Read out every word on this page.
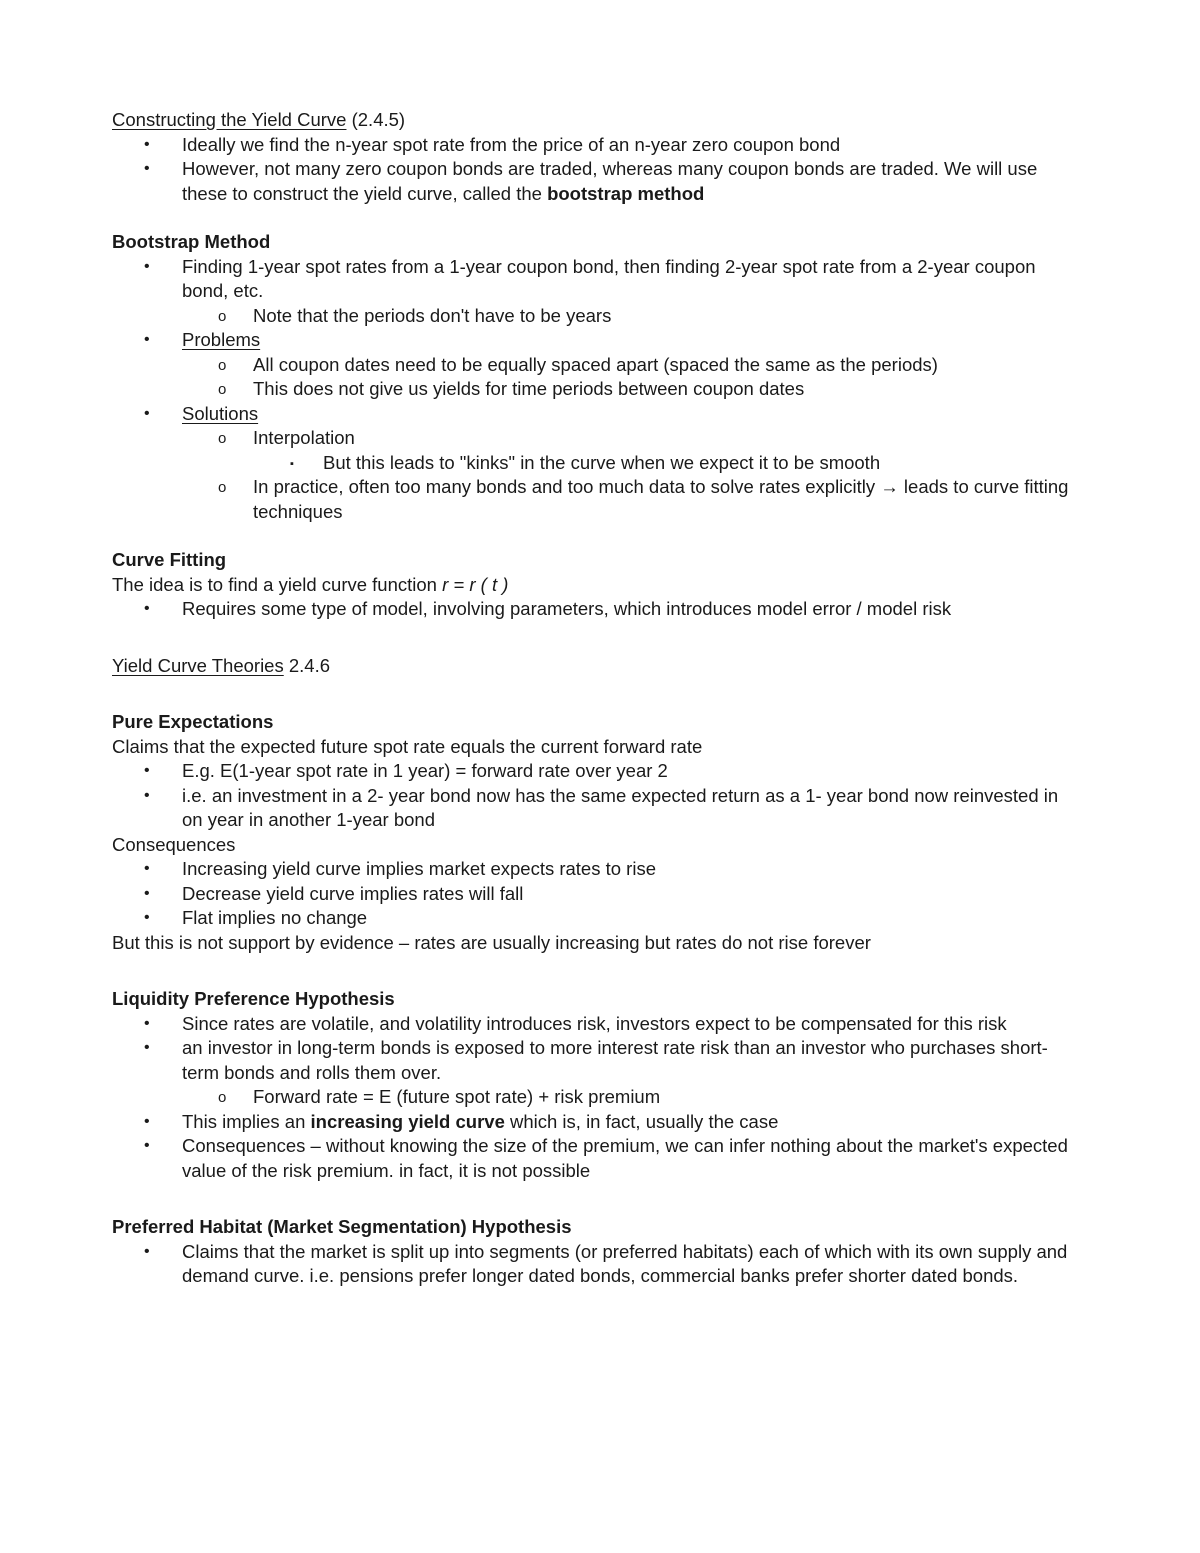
Constructing the Yield Curve (2.4.5)

• Ideally we find the n-year spot rate from the price of an n-year zero coupon bond
• However, not many zero coupon bonds are traded, whereas many coupon bonds are traded. We will use these to construct the yield curve, called the bootstrap method

Bootstrap Method

• Finding 1-year spot rates from a 1-year coupon bond, then finding 2-year spot rate from a 2-year coupon bond, etc.
o Note that the periods don't have to be years
• Problems
o All coupon dates need to be equally spaced apart (spaced the same as the periods)
o This does not give us yields for time periods between coupon dates
• Solutions
o Interpolation
▪ But this leads to "kinks" in the curve when we expect it to be smooth
o In practice, often too many bonds and too much data to solve rates explicitly → leads to curve fitting techniques

Curve Fitting

The idea is to find a yield curve function r = r ( t )

• Requires some type of model, involving parameters, which introduces model error / model risk

Yield Curve Theories 2.4.6

Pure Expectations

Claims that the expected future spot rate equals the current forward rate

• E.g. E(1-year spot rate in 1 year) = forward rate over year 2
• i.e. an investment in a 2- year bond now has the same expected return as a 1- year bond now reinvested in on year in another 1-year bond

Consequences

• Increasing yield curve implies market expects rates to rise
• Decrease yield curve implies rates will fall
• Flat implies no change

But this is not support by evidence – rates are usually increasing but rates do not rise forever

Liquidity Preference Hypothesis

• Since rates are volatile, and volatility introduces risk, investors expect to be compensated for this risk
• an investor in long-term bonds is exposed to more interest rate risk than an investor who purchases short-term bonds and rolls them over.
o Forward rate = E (future spot rate) + risk premium
• This implies an increasing yield curve which is, in fact, usually the case
• Consequences – without knowing the size of the premium, we can infer nothing about the market's expected value of the risk premium. in fact, it is not possible

Preferred Habitat (Market Segmentation) Hypothesis

• Claims that the market is split up into segments (or preferred habitats) each of which with its own supply and demand curve. i.e. pensions prefer longer dated bonds, commercial banks prefer shorter dated bonds.
